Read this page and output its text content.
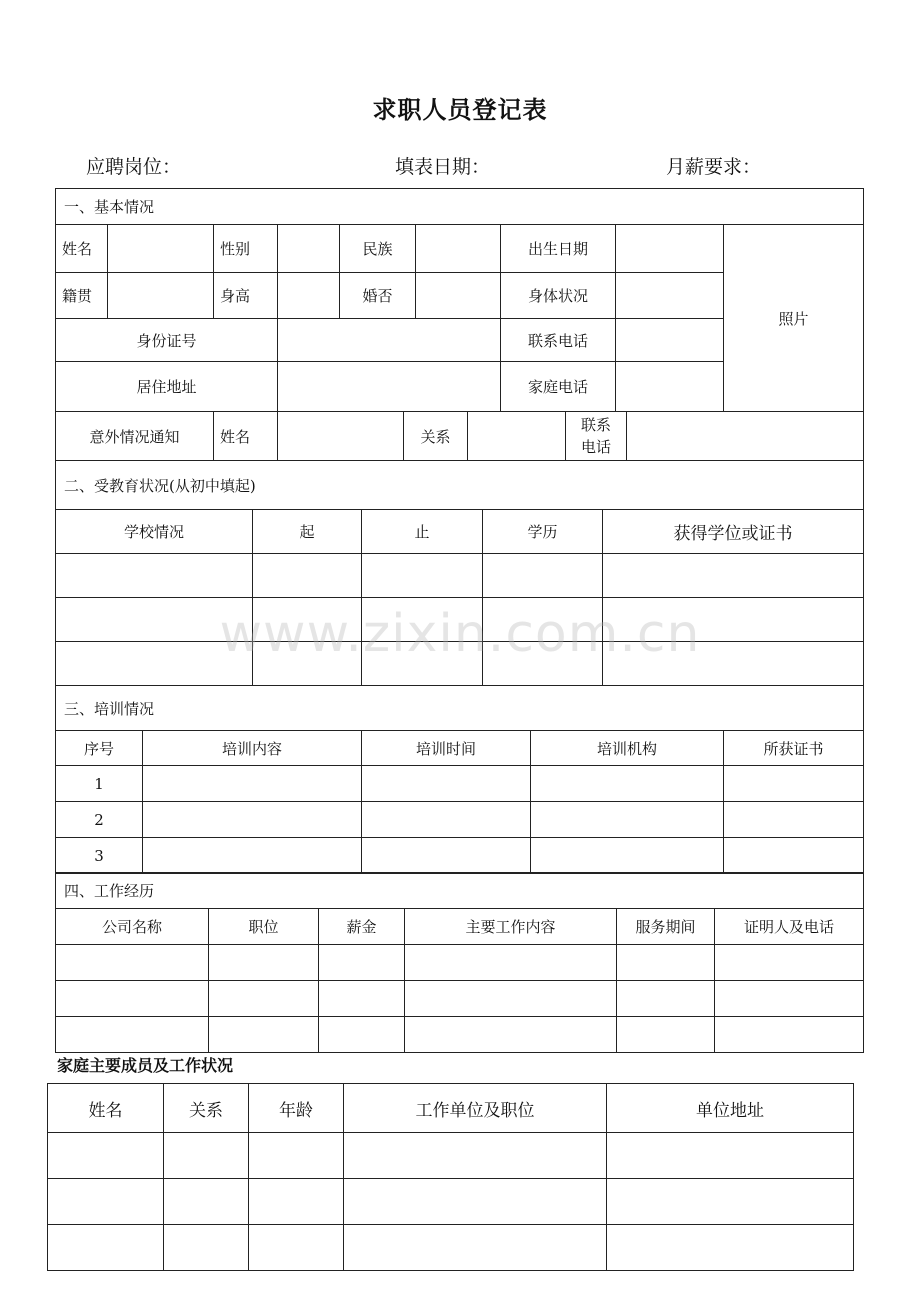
求职人员登记表
应聘岗位：	填表日期：	月薪要求：
一、基本情况								
姓名		性别		民族		出生日期		照片
籍贯		身高		婚否		身体状况		
身份证号						联系电话		
居住地址						家庭电话		
意外情况通知	姓名		关系		
联系
电话

二、受教育状况(从初中填起)				
学校情况	起	止	学历	获得学位或证书

三、培训情况				
序号	培训内容	培训时间	培训机构	所获证书
1				
2				
3				
四、工作经历					
公司名称	职位	薪金	主要工作内容	服务期间	证明人及电话

家庭主要成员及工作状况
姓名	关系	年龄	工作单位及职位	单位地址

www.zixin.com.cn
